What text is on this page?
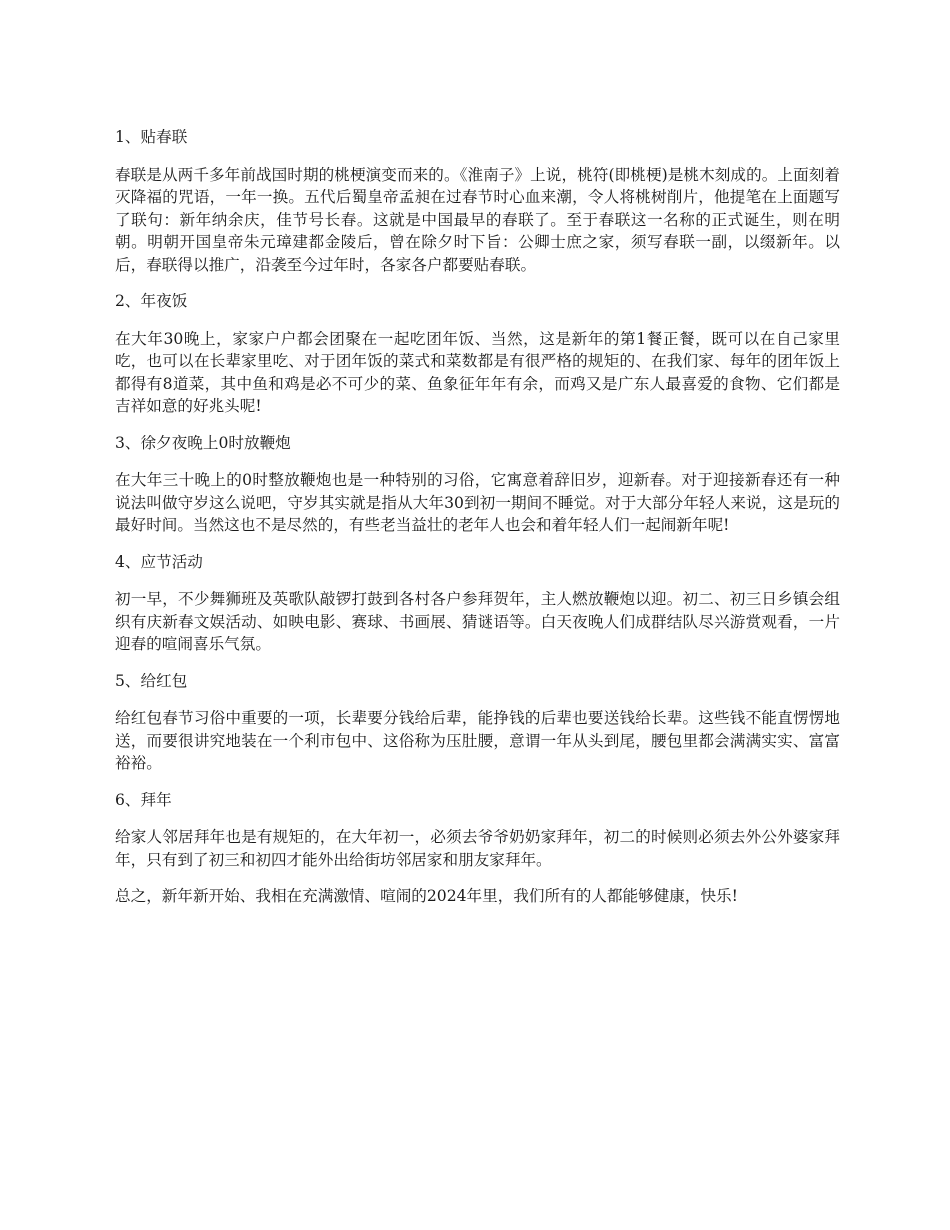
1、贴春联

春联是从两千多年前战国时期的桃梗演变而来的。《淮南子》上说，桃符(即桃梗)是桃木刻成的。上面刻着灭降福的咒语，一年一换。五代后蜀皇帝孟昶在过春节时心血来潮，令人将桃树削片，他提笔在上面题写了联句：新年纳余庆，佳节号长春。这就是中国最早的春联了。至于春联这一名称的正式诞生，则在明朝。明朝开国皇帝朱元璋建都金陵后，曾在除夕时下旨：公卿士庶之家，须写春联一副，以缀新年。以后，春联得以推广，沿袭至今过年时，各家各户都要贴春联。

2、年夜饭

在大年30晚上，家家户户都会团聚在一起吃团年饭、当然，这是新年的第1餐正餐，既可以在自己家里吃，也可以在长辈家里吃、对于团年饭的菜式和菜数都是有很严格的规矩的、在我们家、每年的团年饭上都得有8道菜，其中鱼和鸡是必不可少的菜、鱼象征年年有余，而鸡又是广东人最喜爱的食物、它们都是吉祥如意的好兆头呢!

3、徐夕夜晚上0时放鞭炮

在大年三十晚上的0时整放鞭炮也是一种特别的习俗，它寓意着辞旧岁，迎新春。对于迎接新春还有一种说法叫做守岁这么说吧，守岁其实就是指从大年30到初一期间不睡觉。对于大部分年轻人来说，这是玩的最好时间。当然这也不是尽然的，有些老当益壮的老年人也会和着年轻人们一起闹新年呢!

4、应节活动

初一早，不少舞狮班及英歌队敲锣打鼓到各村各户参拜贺年，主人燃放鞭炮以迎。初二、初三日乡镇会组织有庆新春文娱活动、如映电影、赛球、书画展、猜谜语等。白天夜晚人们成群结队尽兴游赏观看，一片迎春的喧闹喜乐气氛。

5、给红包

给红包春节习俗中重要的一项，长辈要分钱给后辈，能挣钱的后辈也要送钱给长辈。这些钱不能直愣愣地送，而要很讲究地装在一个利市包中、这俗称为压肚腰，意谓一年从头到尾，腰包里都会满满实实、富富裕裕。

6、拜年

给家人邻居拜年也是有规矩的，在大年初一，必须去爷爷奶奶家拜年，初二的时候则必须去外公外婆家拜年，只有到了初三和初四才能外出给街坊邻居家和朋友家拜年。

总之，新年新开始、我相在充满激情、喧闹的2024年里，我们所有的人都能够健康，快乐!
